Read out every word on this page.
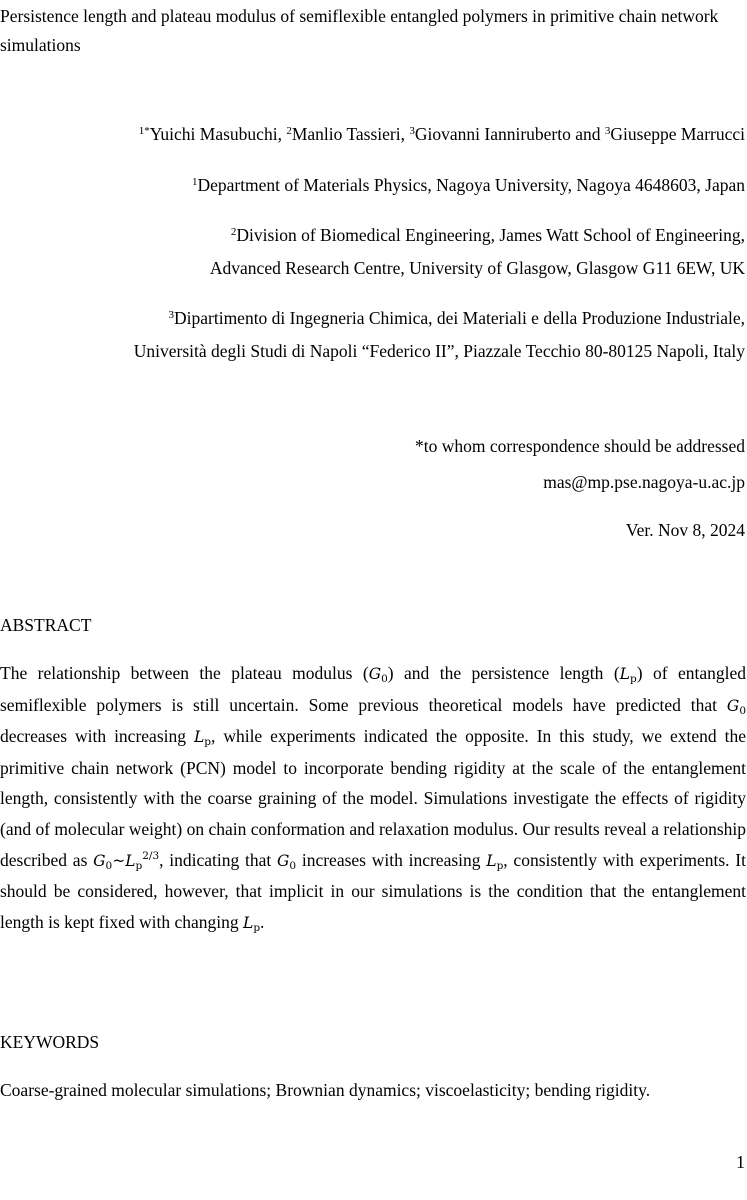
Persistence length and plateau modulus of semiflexible entangled polymers in primitive chain network simulations
$^{1*}$Yuichi Masubuchi, $^2$Manlio Tassieri, $^3$Giovanni Ianniruberto and $^3$Giuseppe Marrucci
$^1$Department of Materials Physics, Nagoya University, Nagoya 4648603, Japan
$^2$Division of Biomedical Engineering, James Watt School of Engineering,
Advanced Research Centre, University of Glasgow, Glasgow G11 6EW, UK
$^3$Dipartimento di Ingegneria Chimica, dei Materiali e della Produzione Industriale,
Università degli Studi di Napoli “Federico II”, Piazzale Tecchio 80-80125 Napoli, Italy
*to whom correspondence should be addressed
mas@mp.pse.nagoya-u.ac.jp
Ver. Nov 8, 2024
ABSTRACT
The relationship between the plateau modulus $(G_0)$ and the persistence length $(L_p)$ of entangled semiflexible polymers is still uncertain. Some previous theoretical models have predicted that $G_0$ decreases with increasing $L_p$, while experiments indicated the opposite. In this study, we extend the primitive chain network (PCN) model to incorporate bending rigidity at the scale of the entanglement length, consistently with the coarse graining of the model. Simulations investigate the effects of rigidity (and of molecular weight) on chain conformation and relaxation modulus. Our results reveal a relationship described as $G_0\sim L_p^{2/3}$, indicating that $G_0$ increases with increasing $L_p$, consistently with experiments. It should be considered, however, that implicit in our simulations is the condition that the entanglement length is kept fixed with changing $L_p$.
KEYWORDS
Coarse-grained molecular simulations; Brownian dynamics; viscoelasticity; bending rigidity.
1
